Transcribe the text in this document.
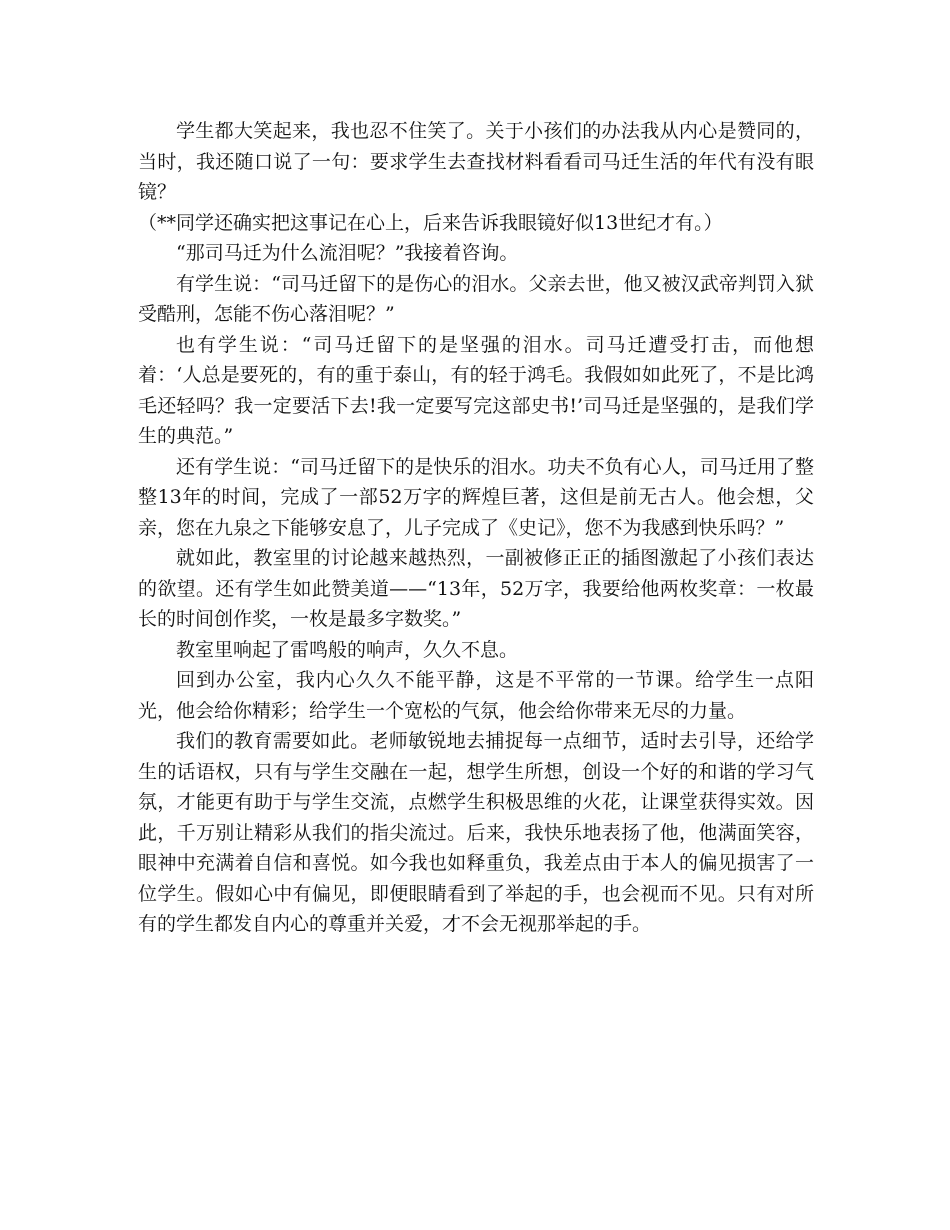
学生都大笑起来，我也忍不住笑了。关于小孩们的办法我从内心是赞同的，当时，我还随口说了一句：要求学生去查找材料看看司马迁生活的年代有没有眼镜？

（**同学还确实把这事记在心上，后来告诉我眼镜好似13世纪才有。）

“那司马迁为什么流泪呢？”我接着咨询。

有学生说：“司马迁留下的是伤心的泪水。父亲去世，他又被汉武帝判罚入狱受酷刑，怎能不伤心落泪呢？”

也有学生说：“司马迁留下的是坚强的泪水。司马迁遭受打击，而他想着：‘人总是要死的，有的重于泰山，有的轻于鸿毛。我假如如此死了，不是比鸿毛还轻吗？我一定要活下去!我一定要写完这部史书!’司马迁是坚强的，是我们学生的典范。”

还有学生说：“司马迁留下的是快乐的泪水。功夫不负有心人，司马迁用了整整13年的时间，完成了一部52万字的辉煌巨著，这但是前无古人。他会想，父亲，您在九泉之下能够安息了，儿子完成了《史记》，您不为我感到快乐吗？”

就如此，教室里的讨论越来越热烈，一副被修正正的插图激起了小孩们表达的欲望。还有学生如此赞美道——“13年，52万字，我要给他两枚奖章：一枚最长的时间创作奖，一枚是最多字数奖。”

教室里响起了雷鸣般的响声，久久不息。

回到办公室，我内心久久不能平静，这是不平常的一节课。给学生一点阳光，他会给你精彩；给学生一个宽松的气氛，他会给你带来无尽的力量。

我们的教育需要如此。老师敏锐地去捕捉每一点细节，适时去引导，还给学生的话语权，只有与学生交融在一起，想学生所想，创设一个好的和谐的学习气氛，才能更有助于与学生交流，点燃学生积极思维的火花，让课堂获得实效。因此，千万别让精彩从我们的指尖流过。后来，我快乐地表扬了他，他满面笑容，眼神中充满着自信和喜悦。如今我也如释重负，我差点由于本人的偏见损害了一位学生。假如心中有偏见，即便眼睛看到了举起的手，也会视而不见。只有对所有的学生都发自内心的尊重并关爱，才不会无视那举起的手。
